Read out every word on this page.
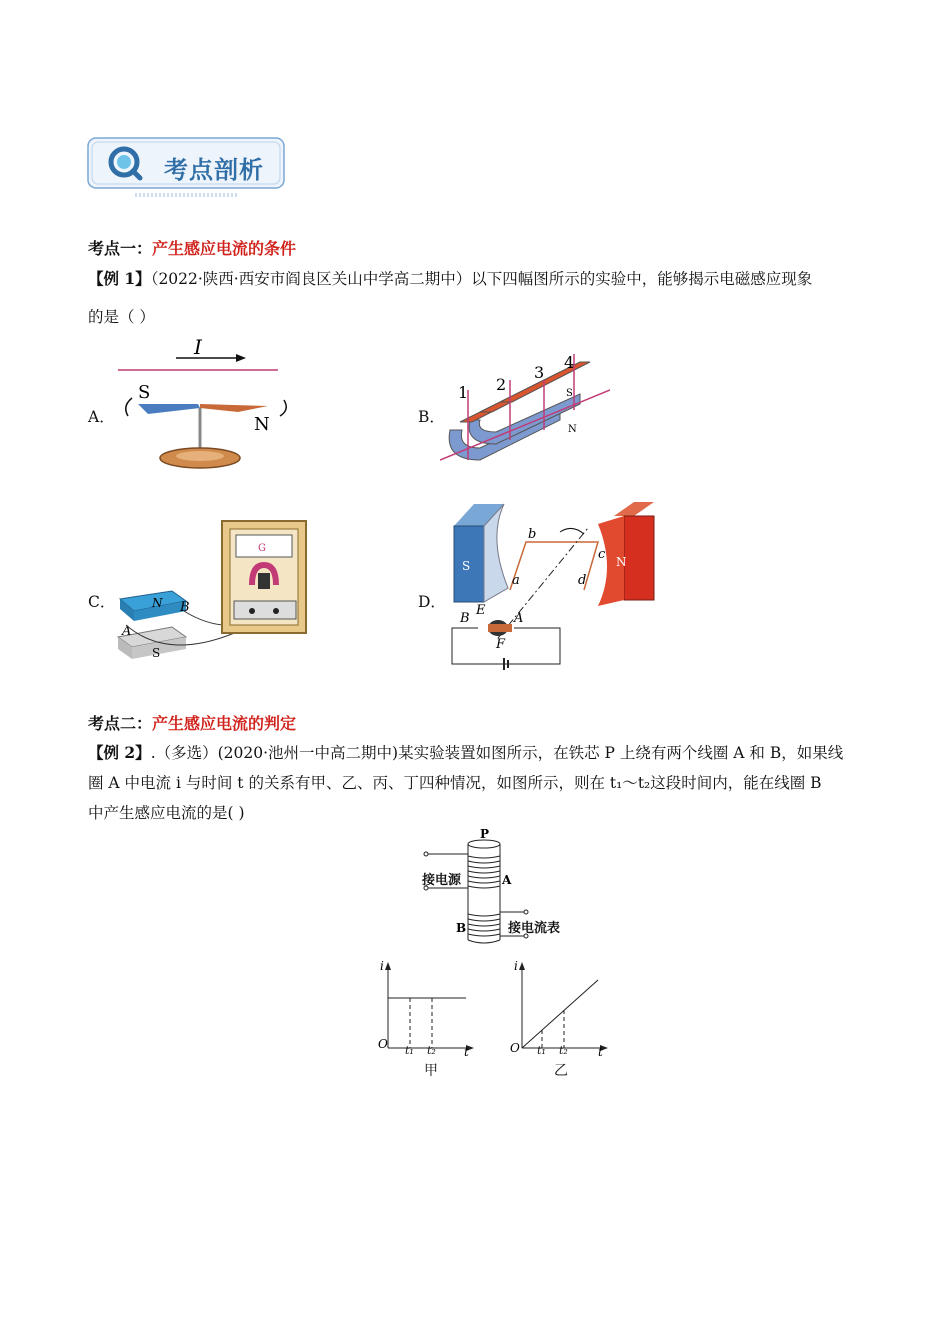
考点剖析
考点一：产生感应电流的条件
【例 1】（2022·陕西·西安市阎良区关山中学高二期中）以下四幅图所示的实验中，能够揭示电磁感应现象
的是（ ）
A．
I
S
N	B．
1 2
3
4
S
N
C．	N
S
A
B
G
D．
S	N
a
b
c
d
B
E
A
F
考点二：产生感应电流的判定
【例 2】.（多选）(2020·池州一中高二期中)某实验装置如图所示，在铁芯 P 上绕有两个线圈 A 和 B，如果线
圈 A 中电流 i 与时间 t 的关系有甲、乙、丙、丁四种情况，如图所示，则在 t₁～t₂这段时间内，能在线圈 B
中产生感应电流的是( )
P
A
B
接电源
接电流表
i
O
t
t₁ t₂
甲
i
O	t
t₁ t₂
乙
